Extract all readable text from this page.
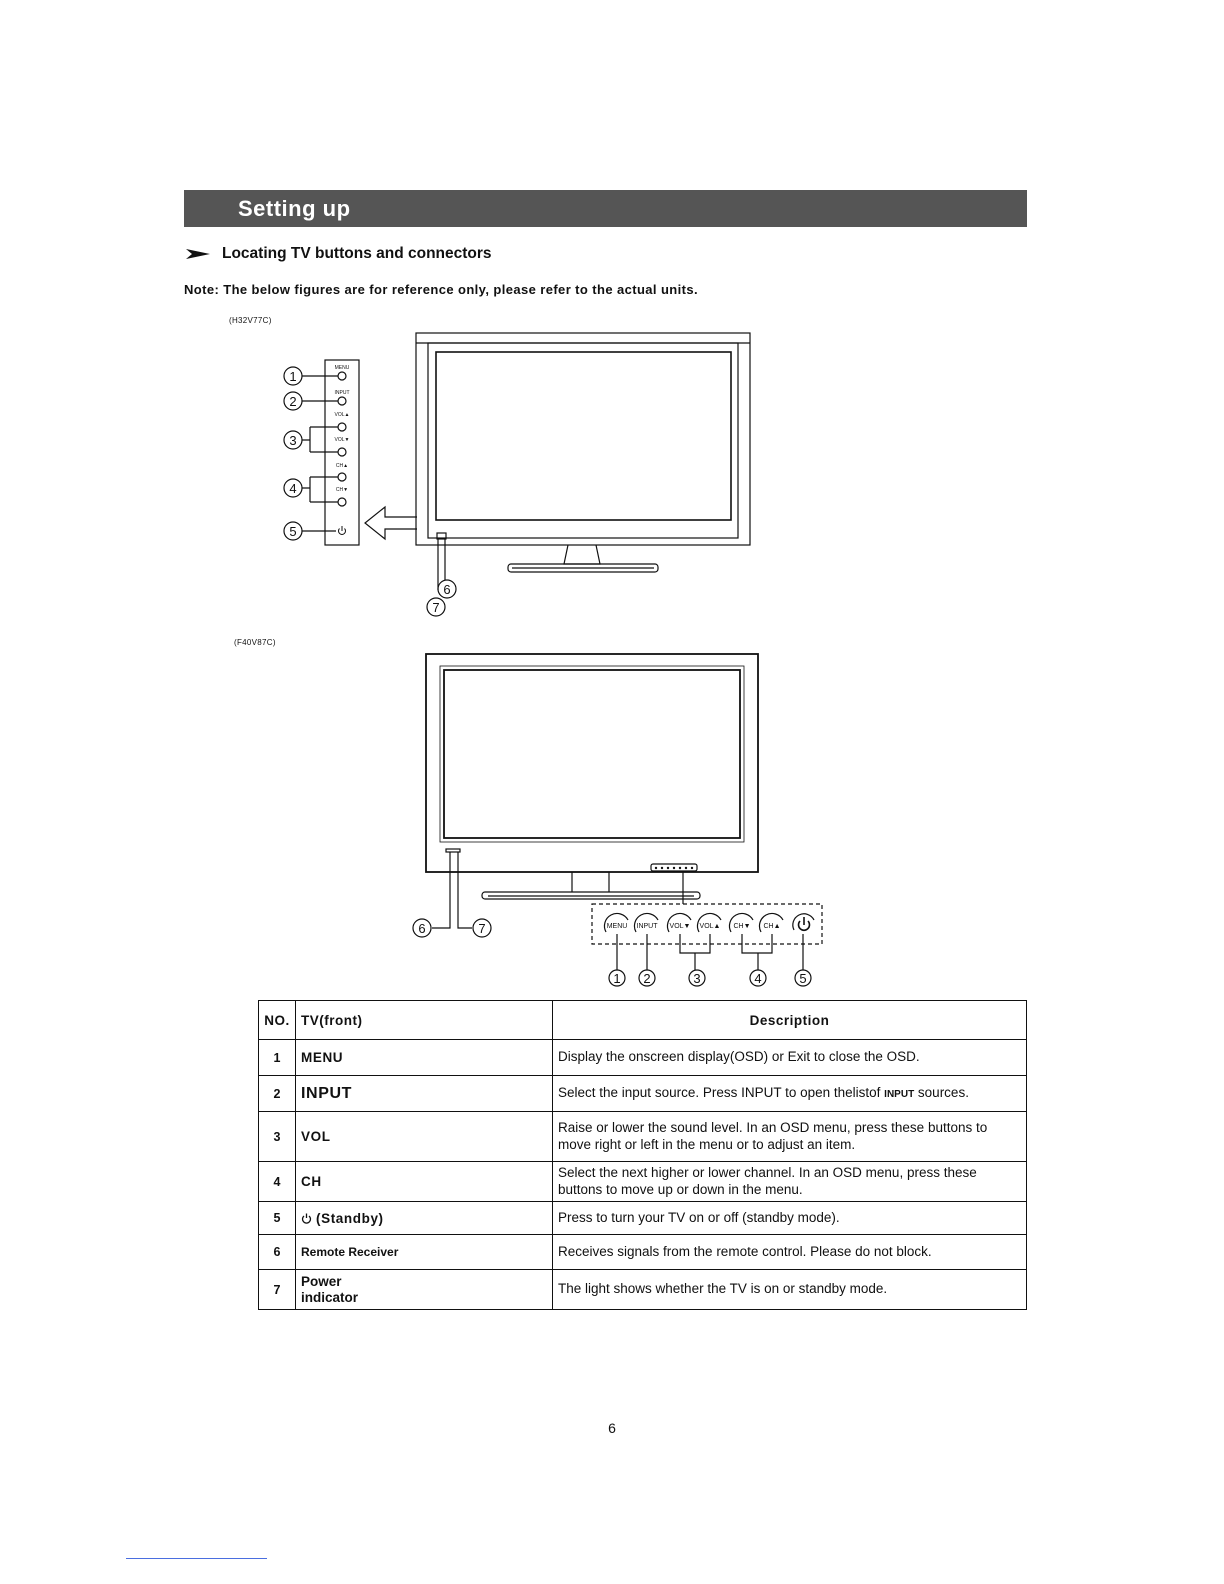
Setting up
Locating TV buttons and connectors
Note: The below figures are for reference only, please refer to the actual units.
(H32V77C)
(F40V87C)
MENU
INPUT
VOL▲
VOL▼
CH▲
CH▼
1
2
3
4
5
6
7
MENU INPUT VOL▼ VOL▲ CH▼ CH▲
1 2	3	4	5
6	7
NO.	TV(front)	Description
1	MENU	Display the onscreen display(OSD) or Exit to close the OSD.
2	INPUT	Select the input source. Press INPUT to open thelistof INPUT sources.
3	VOL	Raise or lower the sound level. In an OSD menu, press these buttons to move right or left in the menu or to adjust an item.
4	CH	Select the next higher or lower channel. In an OSD menu, press these buttons to move up or down in the menu.
5	(Standby)	Press to turn your TV on or off (standby mode).
6	Remote Receiver	Receives signals from the remote control. Please do not block.
7	Power indicator	The light shows whether the TV is on or standby mode.
6
